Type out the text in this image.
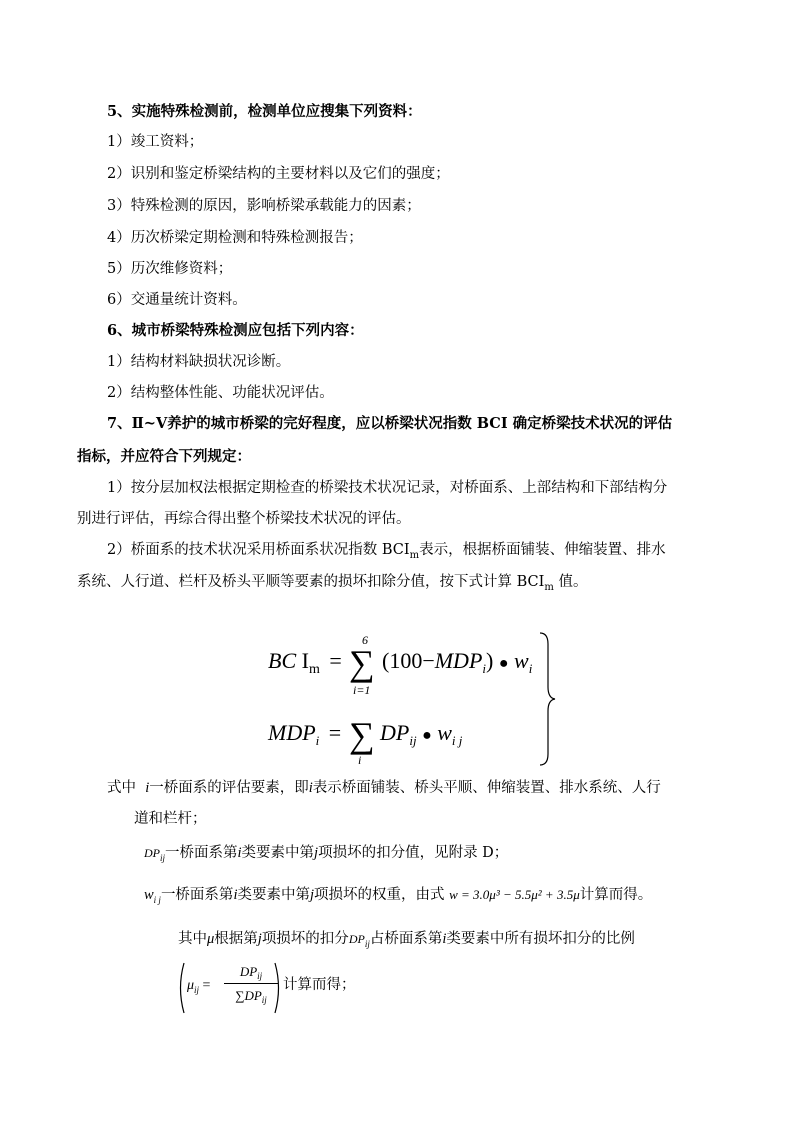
5、实施特殊检测前，检测单位应搜集下列资料：
1）竣工资料；
2）识别和鉴定桥梁结构的主要材料以及它们的强度；
3）特殊检测的原因，影响桥梁承载能力的因素；
4）历次桥梁定期检测和特殊检测报告；
5）历次维修资料；
6）交通量统计资料。
6、城市桥梁特殊检测应包括下列内容：
1）结构材料缺损状况诊断。
2）结构整体性能、功能状况评估。
7、Ⅱ~Ⅴ养护的城市桥梁的完好程度，应以桥梁状况指数 BCI 确定桥梁技术状况的评估
指标，并应符合下列规定：
1）按分层加权法根据定期检查的桥梁技术状况记录，对桥面系、上部结构和下部结构分
别进行评估，再综合得出整个桥梁技术状况的评估。
2）桥面系的技术状况采用桥面系状况指数 $BCI_m$表示，根据桥面铺装、伸缩装置、排水
系统、人行道、栏杆及桥头平顺等要素的损坏扣除分值，按下式计算 $BCI_m$ 值。
BC $I_m$ =
6
∑
i=1
$(100-MDP_i)$ ● $w_i$
$MDP_i$ = ∑
i
$DP_{ij}$ ● $w_{i j}$
式中 i一桥面系的评估要素，即i表示桥面铺装、桥头平顺、伸缩装置、排水系统、人行
道和栏杆；
$DP_{ij}$一桥面系第i类要素中第j项损坏的扣分值，见附录 D；
$w_{i j}$一桥面系第i类要素中第j项损坏的权重，由式 w = 3.0μ³ − 5.5μ² + 3.5μ计算而得。
其中μ根据第j项损坏的扣分$DP_{ij}$占桥面系第i类要素中所有损坏扣分的比例
$\mu_{ij}$ =
$DP_{ij}$
$\sum DP_{ij}$
计算而得；
